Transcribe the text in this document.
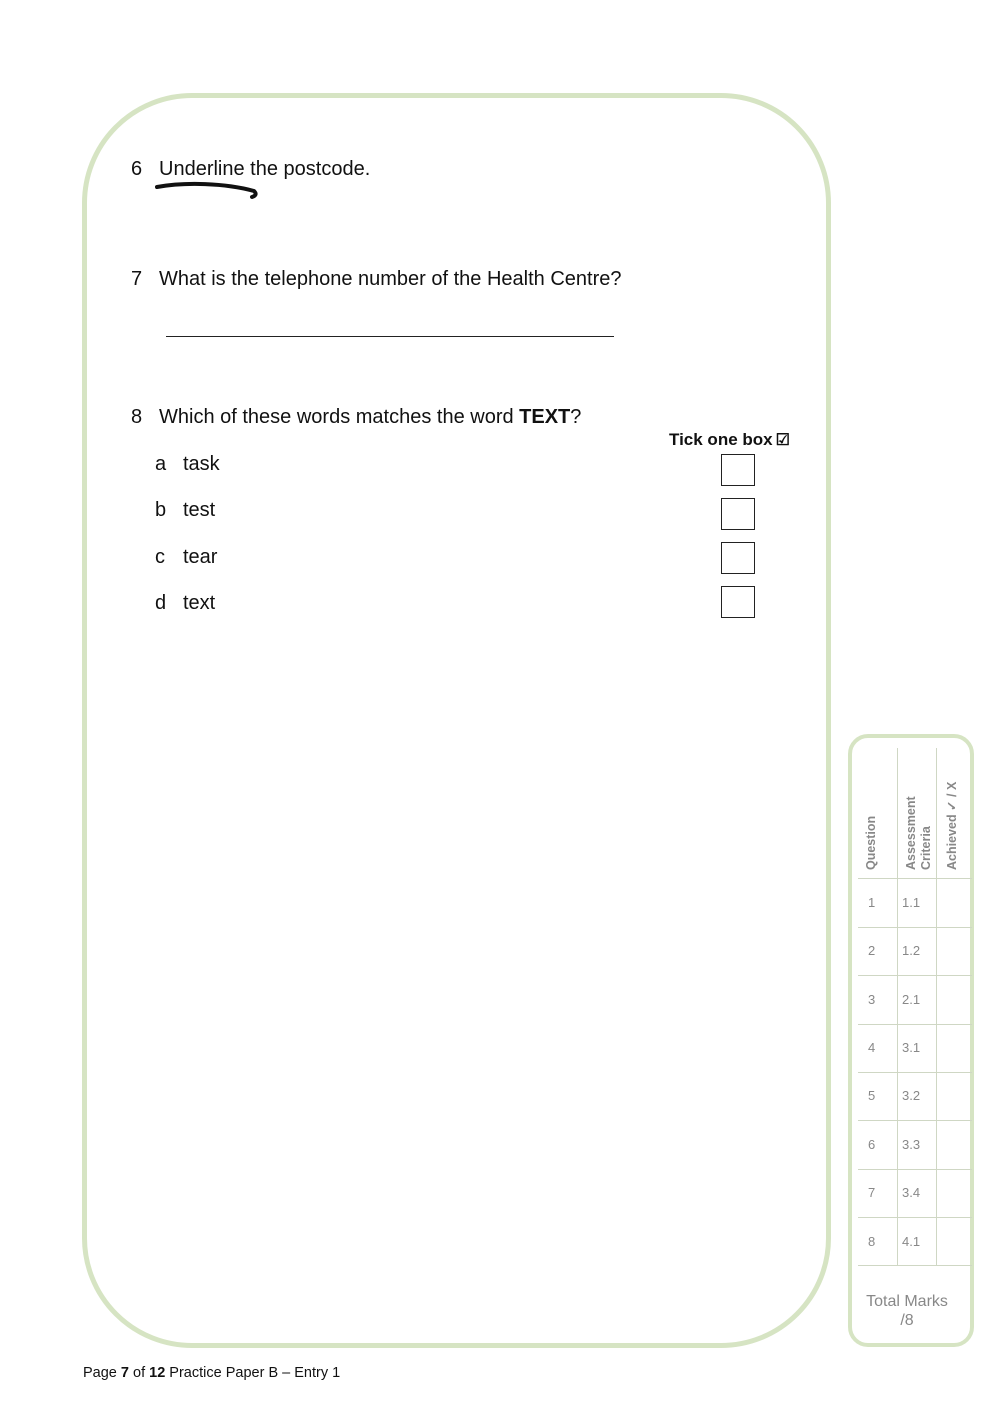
6 Underline the postcode.
7 What is the telephone number of the Health Centre?
8 Which of these words matches the word TEXT?
Tick one box ☑
a task
b test
c tear
d text
Question Assessment Criteria Achieved ✓ / X
1 1.1
2 1.2
3 2.1
4 3.1
5 3.2
6 3.3
7 3.4
8 4.1
Total Marks
/8
Page 7 of 12 Practice Paper B – Entry 1
